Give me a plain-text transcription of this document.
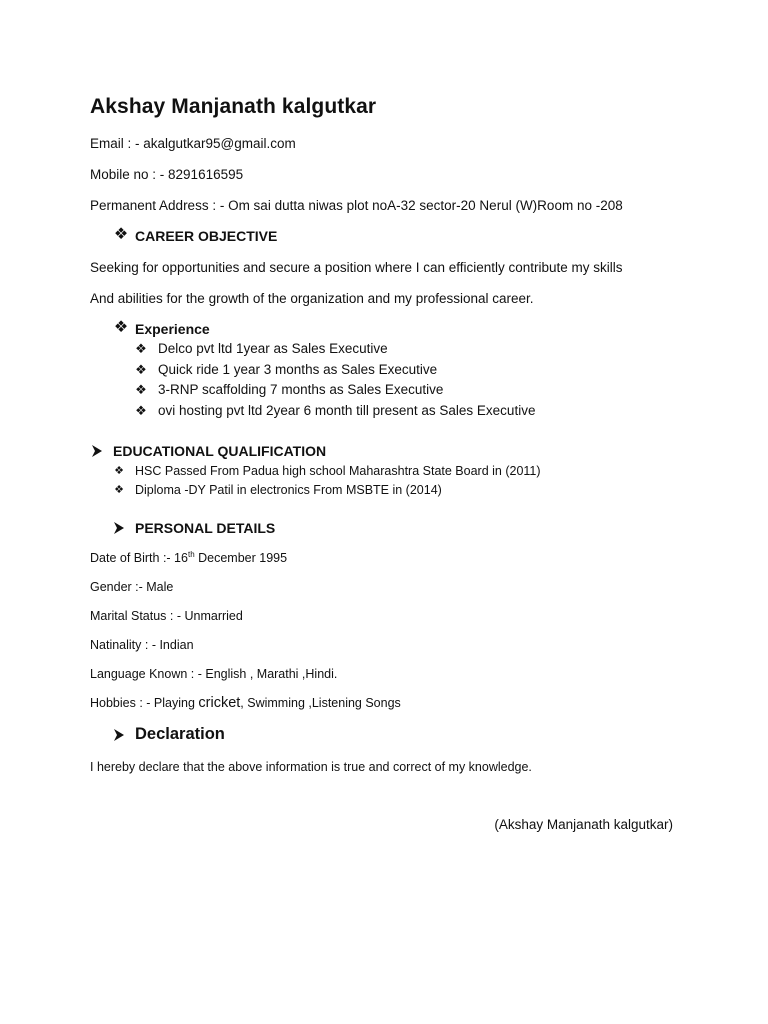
Akshay Manjanath kalgutkar
Email : - akalgutkar95@gmail.com
Mobile no : - 8291616595
Permanent Address : - Om sai dutta niwas plot noA-32 sector-20 Nerul (W)Room no -208
❖ CAREER OBJECTIVE
Seeking for opportunities and secure a position where I can efficiently contribute my skills
And abilities for the growth of the organization and my professional career.
❖ Experience
❖ Delco pvt ltd 1year as Sales Executive
❖ Quick ride 1 year 3 months as Sales Executive
❖ 3-RNP scaffolding 7 months as Sales Executive
❖ ovi hosting pvt ltd 2year 6 month till present as Sales Executive
EDUCATIONAL QUALIFICATION
❖ HSC Passed From Padua high school Maharashtra State Board in (2011)
❖ Diploma -DY Patil in electronics From MSBTE in (2014)
PERSONAL DETAILS
Date of Birth :- 16th December 1995
Gender :- Male
Marital Status : - Unmarried
Natinality : - Indian
Language Known : - English , Marathi ,Hindi.
Hobbies : - Playing cricket, Swimming ,Listening Songs
Declaration
I hereby declare that the above information is true and correct of my knowledge.
(Akshay Manjanath kalgutkar)
